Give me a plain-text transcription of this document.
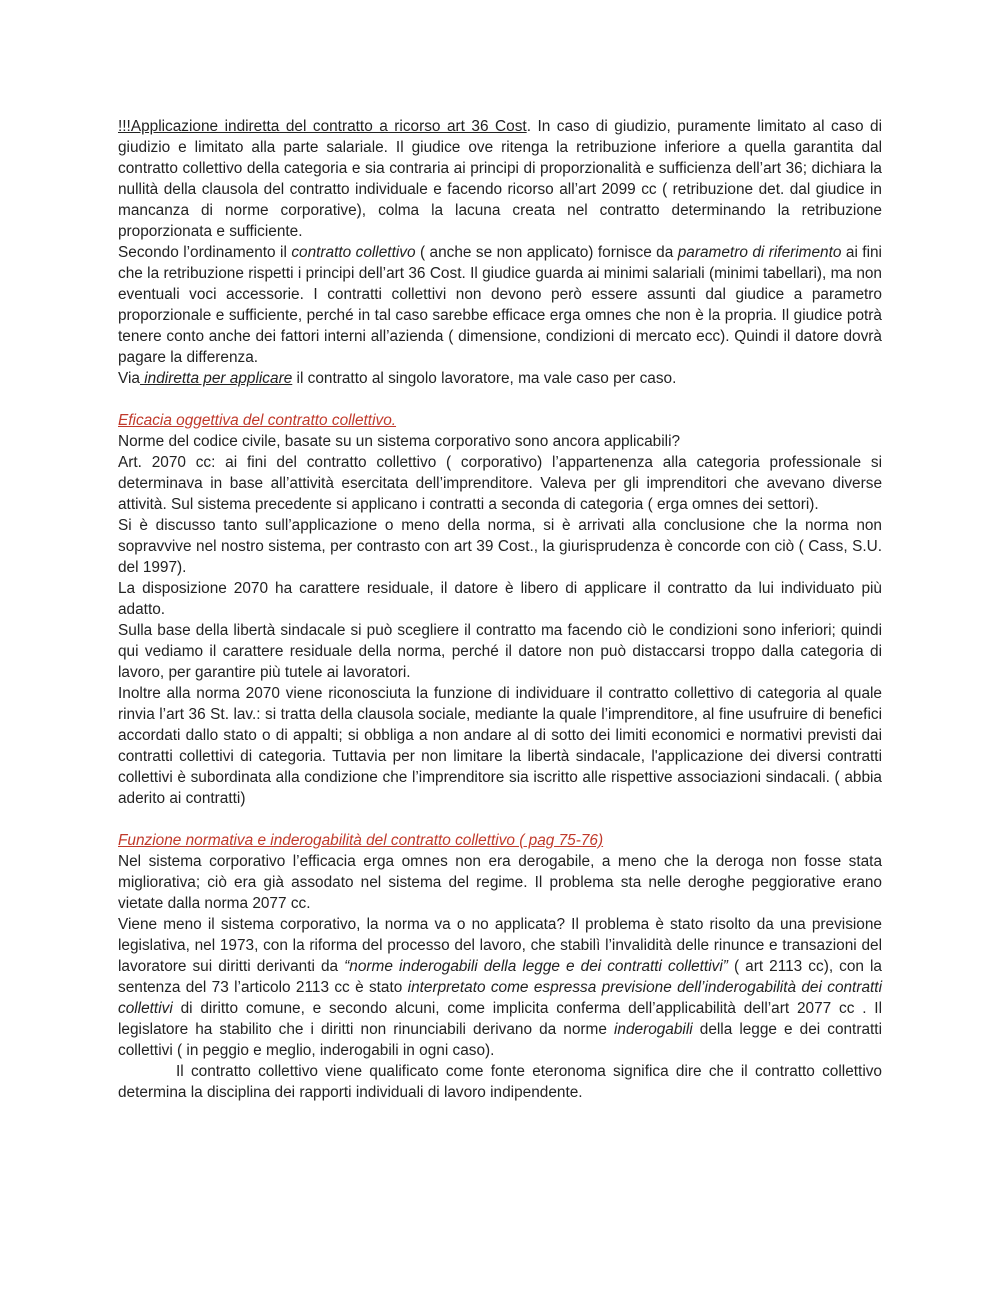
!!!Applicazione indiretta del contratto a ricorso art 36 Cost. In caso di giudizio, puramente limitato al caso di giudizio e limitato alla parte salariale. Il giudice ove ritenga la retribuzione inferiore a quella garantita dal contratto collettivo della categoria e sia contraria ai principi di proporzionalità e sufficienza dell’art 36; dichiara la nullità della clausola del contratto individuale e facendo ricorso all’art 2099 cc ( retribuzione det. dal giudice in mancanza di norme corporative), colma la lacuna creata nel contratto determinando la retribuzione proporzionata e sufficiente.

Secondo l’ordinamento il contratto collettivo ( anche se non applicato) fornisce da parametro di riferimento ai fini che la retribuzione rispetti i principi dell’art 36 Cost. Il giudice guarda ai minimi salariali (minimi tabellari), ma non eventuali voci accessorie. I contratti collettivi non devono però essere assunti dal giudice a parametro proporzionale e sufficiente, perché in tal caso sarebbe efficace erga omnes che non è la propria. Il giudice potrà tenere conto anche dei fattori interni all’azienda ( dimensione, condizioni di mercato ecc). Quindi il datore dovrà pagare la differenza.

Via indiretta per applicare il contratto al singolo lavoratore, ma vale caso per caso.

Eficacia oggettiva del contratto collettivo.

Norme del codice civile, basate su un sistema corporativo sono ancora applicabili?

Art. 2070 cc: ai fini del contratto collettivo ( corporativo) l’appartenenza alla categoria professionale si determinava in base all’attività esercitata dell’imprenditore. Valeva per gli imprenditori che avevano diverse attività. Sul sistema precedente si applicano i contratti a seconda di categoria ( erga omnes dei settori).

Si è discusso tanto sull’applicazione o meno della norma, si è arrivati alla conclusione che la norma non sopravvive nel nostro sistema, per contrasto con art 39 Cost., la giurisprudenza è concorde con ciò ( Cass, S.U. del 1997).

La disposizione 2070 ha carattere residuale, il datore è libero di applicare il contratto da lui individuato più adatto.

Sulla base della libertà sindacale si può scegliere il contratto ma facendo ciò le condizioni sono inferiori; quindi qui vediamo il carattere residuale della norma, perché il datore non può distaccarsi troppo dalla categoria di lavoro, per garantire più tutele ai lavoratori.

Inoltre alla norma 2070 viene riconosciuta la funzione di individuare il contratto collettivo di categoria al quale rinvia l’art 36 St. lav.: si tratta della clausola sociale, mediante la quale l’imprenditore, al fine usufruire di benefici accordati dallo stato o di appalti; si obbliga a non andare al di sotto dei limiti economici e normativi previsti dai contratti collettivi di categoria. Tuttavia per non limitare la libertà sindacale, l'applicazione dei diversi contratti collettivi è subordinata alla condizione che l’imprenditore sia iscritto alle rispettive associazioni sindacali. ( abbia aderito ai contratti)

Funzione normativa e inderogabilità del contratto collettivo ( pag 75-76)

Nel sistema corporativo l’efficacia erga omnes non era derogabile, a meno che la deroga non fosse stata migliorativa; ciò era già assodato nel sistema del regime. Il problema sta nelle deroghe peggiorative erano vietate dalla norma 2077 cc.

Viene meno il sistema corporativo, la norma va o no applicata? Il problema è stato risolto da una previsione legislativa, nel 1973, con la riforma del processo del lavoro, che stabilì l’invalidità delle rinunce e transazioni del lavoratore sui diritti derivanti da “norme inderogabili della legge e dei contratti collettivi” ( art 2113 cc), con la sentenza del 73 l’articolo 2113 cc è stato interpretato come espressa previsione dell’inderogabilità dei contratti collettivi di diritto comune, e secondo alcuni, come implicita conferma dell’applicabilità dell’art 2077 cc . Il legislatore ha stabilito che i diritti non rinunciabili derivano da norme inderogabili della legge e dei contratti collettivi ( in peggio e meglio, inderogabili in ogni caso).

Il contratto collettivo viene qualificato come fonte eteronoma significa dire che il contratto collettivo determina la disciplina dei rapporti individuali di lavoro indipendente.
